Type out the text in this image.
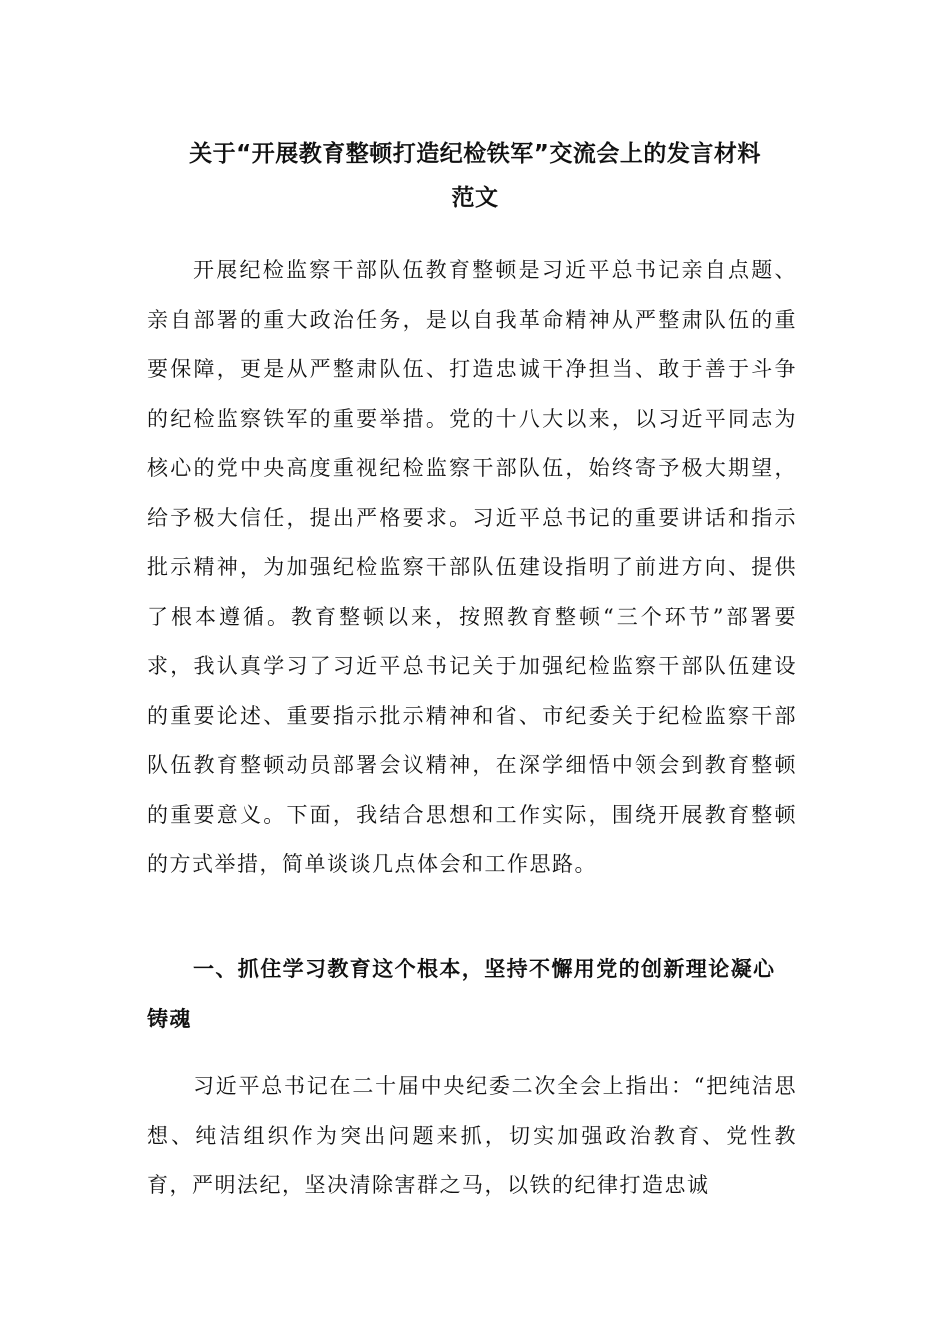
关于“开展教育整顿打造纪检铁军”交流会上的发言材料
范文

开展纪检监察干部队伍教育整顿是习近平总书记亲自点题、亲自部署的重大政治任务，是以自我革命精神从严整肃队伍的重要保障，更是从严整肃队伍、打造忠诚干净担当、敢于善于斗争的纪检监察铁军的重要举措。党的十八大以来，以习近平同志为核心的党中央高度重视纪检监察干部队伍，始终寄予极大期望，给予极大信任，提出严格要求。习近平总书记的重要讲话和指示批示精神，为加强纪检监察干部队伍建设指明了前进方向、提供了根本遵循。教育整顿以来，按照教育整顿“三个环节”部署要求，我认真学习了习近平总书记关于加强纪检监察干部队伍建设的重要论述、重要指示批示精神和省、市纪委关于纪检监察干部队伍教育整顿动员部署会议精神，在深学细悟中领会到教育整顿的重要意义。下面，我结合思想和工作实际，围绕开展教育整顿的方式举措，简单谈谈几点体会和工作思路。

一、抓住学习教育这个根本，坚持不懈用党的创新理论凝心铸魂

习近平总书记在二十届中央纪委二次全会上指出：“把纯洁思想、纯洁组织作为突出问题来抓，切实加强政治教育、党性教育，严明法纪，坚决清除害群之马，以铁的纪律打造忠诚
